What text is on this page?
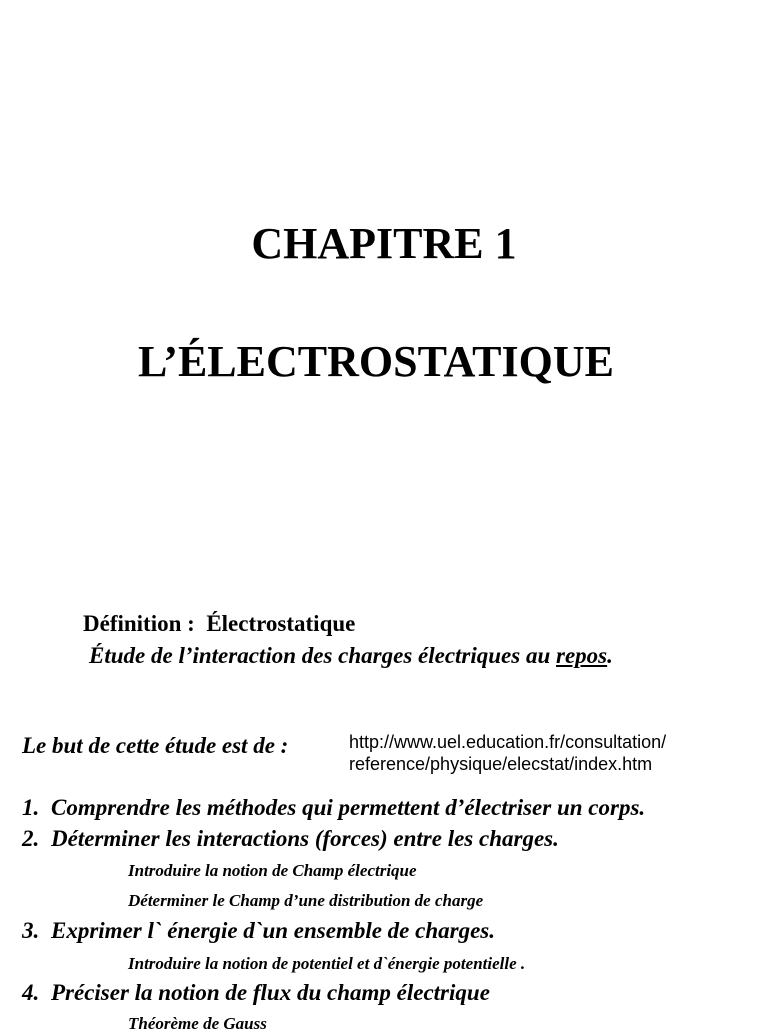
CHAPITRE 1
L’ÉLECTROSTATIQUE
Définition : Électrostatique
Étude de l’interaction des charges électriques au repos.
Le but de cette étude est de :	http://www.uel.education.fr/consultation/
reference/physique/elecstat/index.htm
1. Comprendre les méthodes qui permettent d’électriser un corps.
2. Déterminer les interactions (forces) entre les charges.
Introduire la notion de Champ électrique
Déterminer le Champ d’une distribution de charge
3. Exprimer l` énergie d`un ensemble de charges.
Introduire la notion de potentiel et d`énergie potentielle .
4. Préciser la notion de flux du champ électrique
Théorème de Gauss
